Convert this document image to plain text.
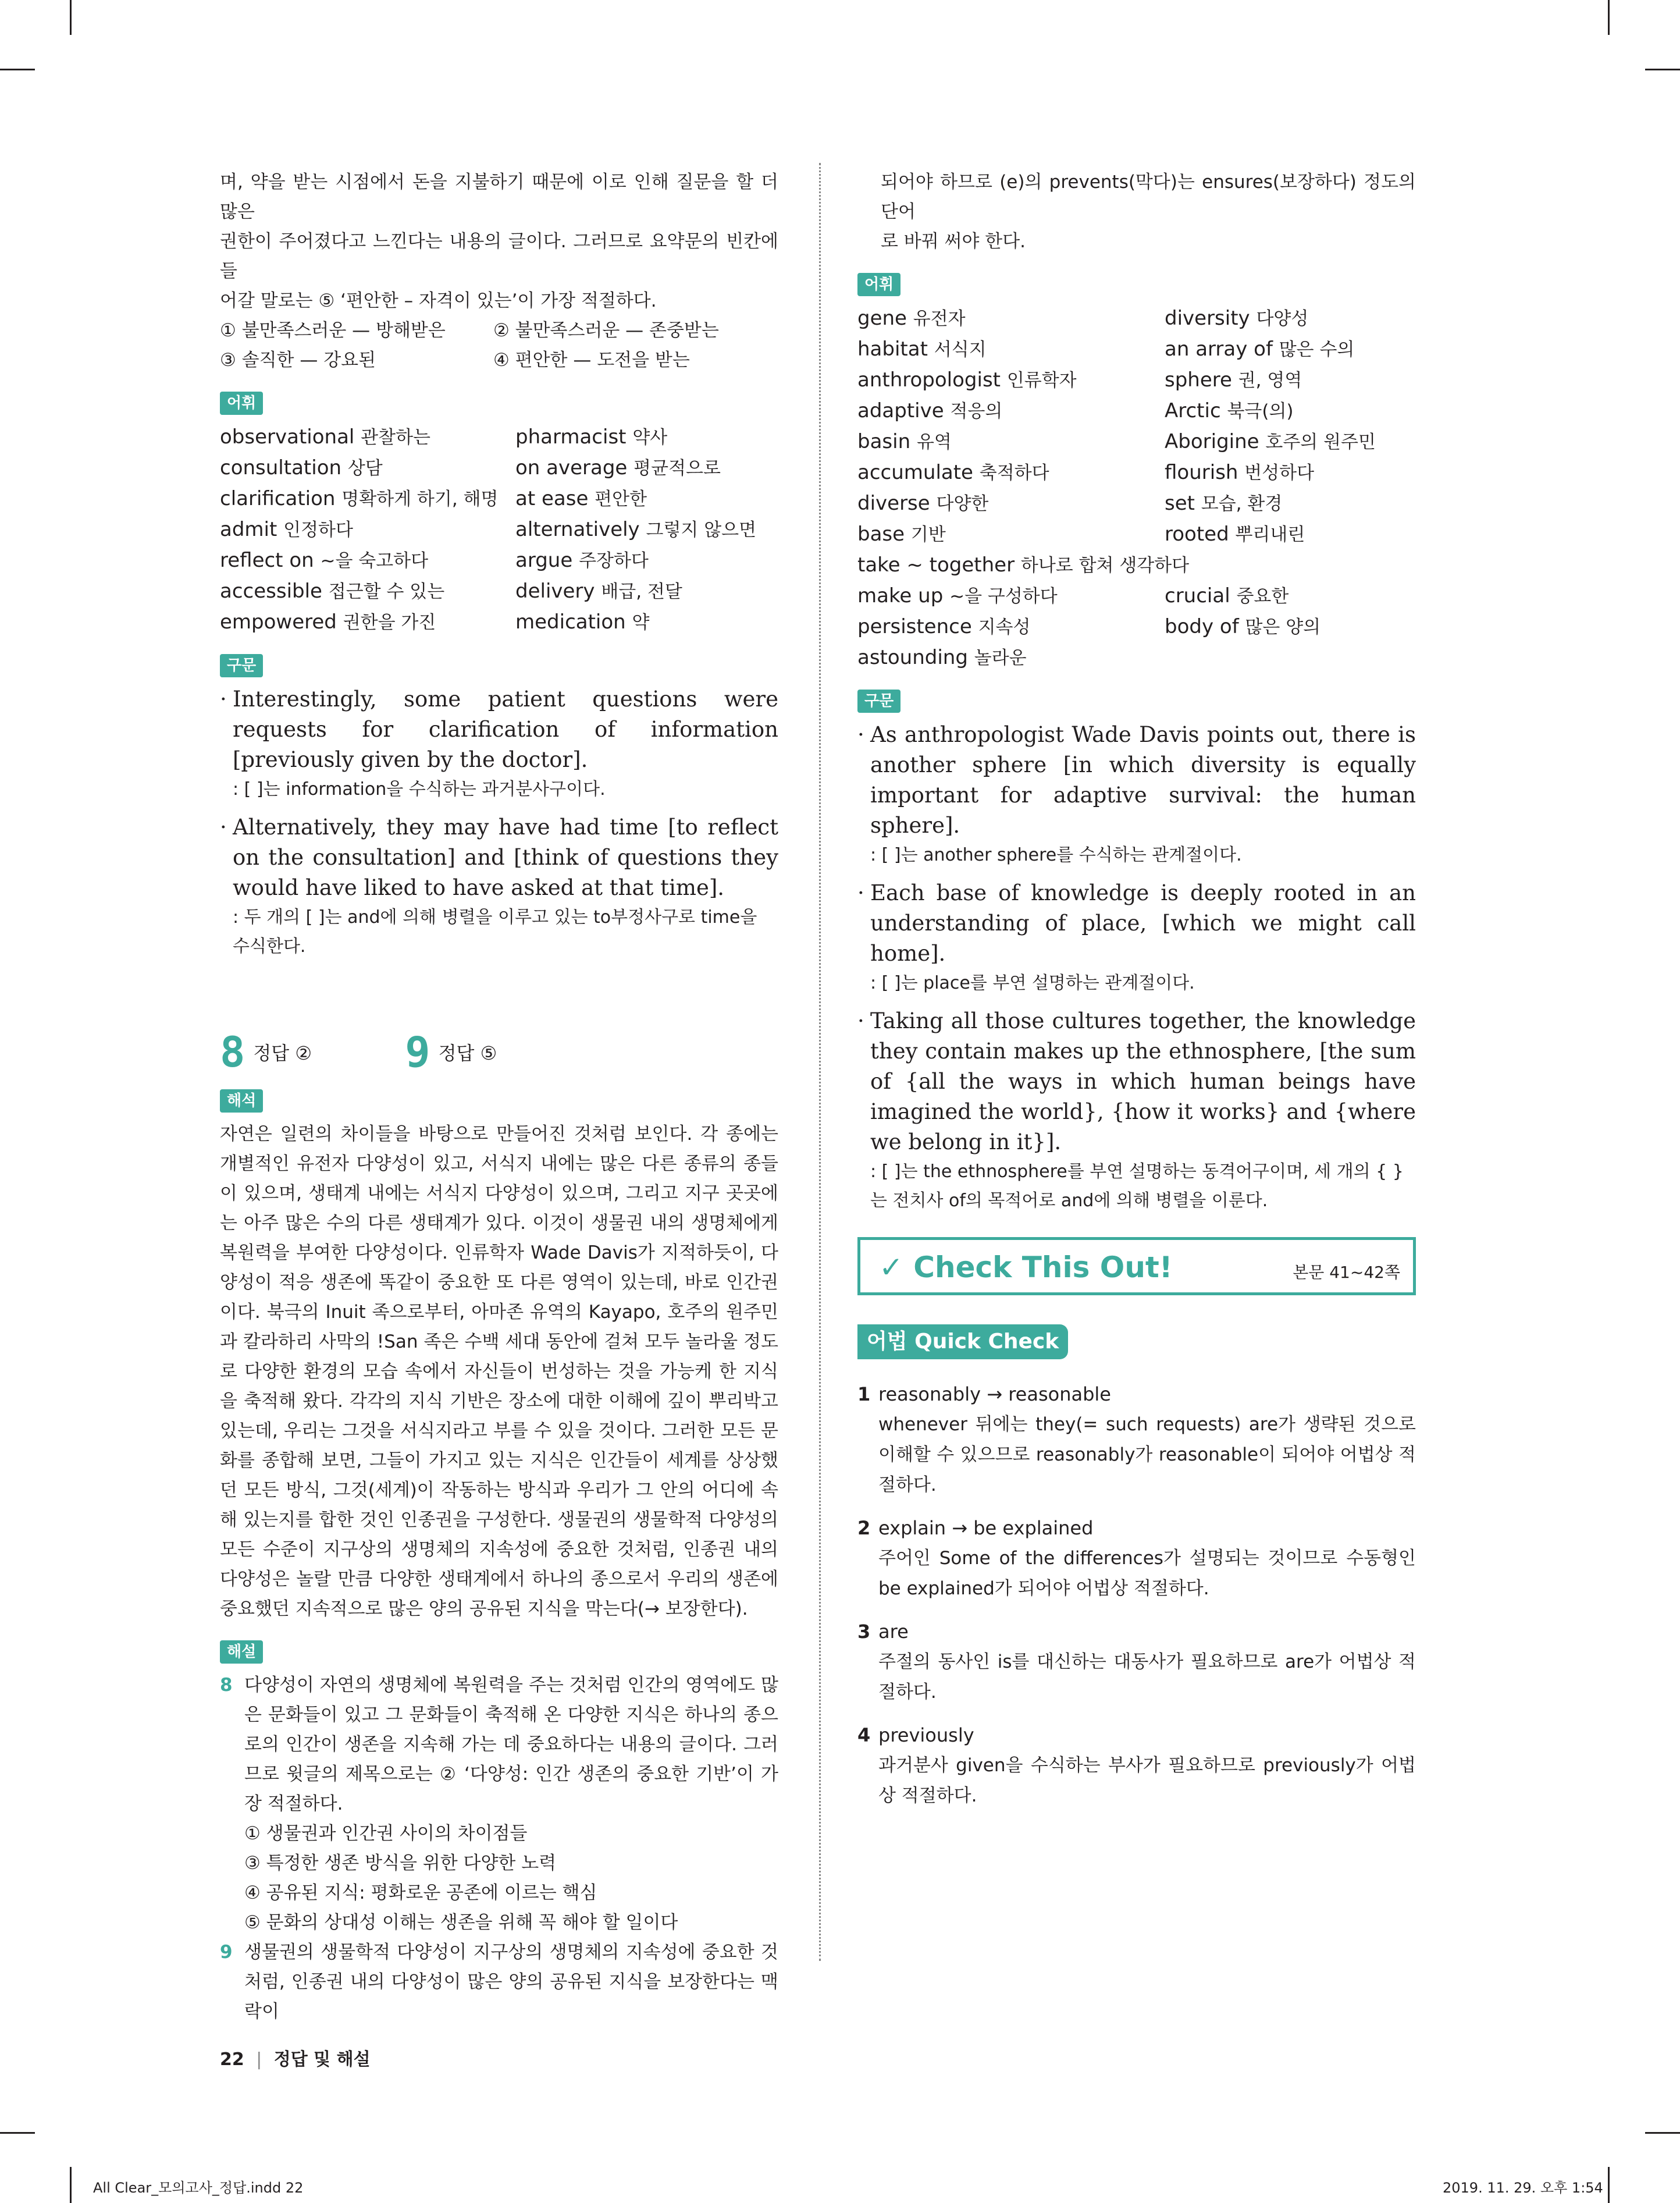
며, 약을 받는 시점에서 돈을 지불하기 때문에 이로 인해 질문을 할 더 많은

권한이 주어졌다고 느낀다는 내용의 글이다. 그러므로 요약문의 빈칸에 들

어갈 말로는 ⑤ ‘편안한 – 자격이 있는’이 가장 적절하다.

① 불만족스러운 — 방해받은	② 불만족스러운 — 존중받는
③ 솔직한 — 강요된	④ 편안한 — 도전을 받는
어휘
observational 관찰하는	pharmacist 약사
consultation 상담	on average 평균적으로
clarification 명확하게 하기, 해명 at ease 편안한
admit 인정하다	alternatively 그렇지 않으면
reflect on ~을 숙고하다	argue 주장하다
accessible 접근할 수 있는	delivery 배급, 전달
empowered 권한을 가진	medication 약
구문

· Interestingly, some patient questions were requests for clarification of information [previously given by the doctor].

: [ ]는 information을 수식하는 과거분사구이다.

· Alternatively, they may have had time [to reflect on the consultation] and [think of questions they would have liked to have asked at that time].

: 두 개의 [ ]는 and에 의해 병렬을 이루고 있는 to부정사구로 time을 수식한다.

8 정답 ② 9 정답 ⑤
해석

자연은 일련의 차이들을 바탕으로 만들어진 것처럼 보인다. 각 종에는 개별적인 유전자 다양성이 있고, 서식지 내에는 많은 다른 종류의 종들이 있으며, 생태계 내에는 서식지 다양성이 있으며, 그리고 지구 곳곳에는 아주 많은 수의 다른 생태계가 있다. 이것이 생물권 내의 생명체에게 복원력을 부여한 다양성이다. 인류학자 Wade Davis가 지적하듯이, 다양성이 적응 생존에 똑같이 중요한 또 다른 영역이 있는데, 바로 인간권이다. 북극의 Inuit 족으로부터, 아마존 유역의 Kayapo, 호주의 원주민과 칼라하리 사막의 !San 족은 수백 세대 동안에 걸쳐 모두 놀라울 정도로 다양한 환경의 모습 속에서 자신들이 번성하는 것을 가능케 한 지식을 축적해 왔다. 각각의 지식 기반은 장소에 대한 이해에 깊이 뿌리박고 있는데, 우리는 그것을 서식지라고 부를 수 있을 것이다. 그러한 모든 문화를 종합해 보면, 그들이 가지고 있는 지식은 인간들이 세계를 상상했던 모든 방식, 그것(세계)이 작동하는 방식과 우리가 그 안의 어디에 속해 있는지를 합한 것인 인종권을 구성한다. 생물권의 생물학적 다양성의 모든 수준이 지구상의 생명체의 지속성에 중요한 것처럼, 인종권 내의 다양성은 놀랄 만큼 다양한 생태계에서 하나의 종으로서 우리의 생존에 중요했던 지속적으로 많은 양의 공유된 지식을 막는다(→ 보장한다).

해설
8 다양성이 자연의 생명체에 복원력을 주는 것처럼 인간의 영역에도 많은 문화들이 있고 그 문화들이 축적해 온 다양한 지식은 하나의 종으로의 인간이 생존을 지속해 가는 데 중요하다는 내용의 글이다. 그러므로 윗글의 제목으로는 ② ‘다양성: 인간 생존의 중요한 기반’이 가장 적절하다.

① 생물권과 인간권 사이의 차이점들
③ 특정한 생존 방식을 위한 다양한 노력
④ 공유된 지식: 평화로운 공존에 이르는 핵심
⑤ 문화의 상대성 이해는 생존을 위해 꼭 해야 할 일이다
9 생물권의 생물학적 다양성이 지구상의 생명체의 지속성에 중요한 것처럼, 인종권 내의 다양성이 많은 양의 공유된 지식을 보장한다는 맥락이

되어야 하므로 (e)의 prevents(막다)는 ensures(보장하다) 정도의 단어

로 바꿔 써야 한다.

어휘
gene 유전자	diversity 다양성
habitat 서식지	an array of 많은 수의
anthropologist 인류학자	sphere 권, 영역
adaptive 적응의	Arctic 북극(의)
basin 유역	Aborigine 호주의 원주민
accumulate 축적하다	flourish 번성하다
diverse 다양한	set 모습, 환경
base 기반	rooted 뿌리내린
take ~ together 하나로 합쳐 생각하다
make up ~을 구성하다	crucial 중요한
persistence 지속성	body of 많은 양의
astounding 놀라운
구문

· As anthropologist Wade Davis points out, there is another sphere [in which diversity is equally important for adaptive survival: the human sphere].

: [ ]는 another sphere를 수식하는 관계절이다.

· Each base of knowledge is deeply rooted in an understanding of place, [which we might call home].

: [ ]는 place를 부연 설명하는 관계절이다.

· Taking all those cultures together, the knowledge they contain makes up the ethnosphere, [the sum of {all the ways in which human beings have imagined the world}, {how it works} and {where we belong in it}].

: [ ]는 the ethnosphere를 부연 설명하는 동격어구이며, 세 개의 { }는 전치사 of의 목적어로 and에 의해 병렬을 이룬다.

✓ Check This Out!	본문 41~42쪽
어법 Quick Check
1 reasonably → reasonable
whenever 뒤에는 they(= such requests) are가 생략된 것으로 이해할 수 있으므로 reasonably가 reasonable이 되어야 어법상 적절하다.
2 explain → be explained
주어인 Some of the differences가 설명되는 것이므로 수동형인 be explained가 되어야 어법상 적절하다.
3 are
주절의 동사인 is를 대신하는 대동사가 필요하므로 are가 어법상 적절하다.
4 previously
과거분사 given을 수식하는 부사가 필요하므로 previously가 어법상 적절하다.
22 | 정답 및 해설
All Clear_모의고사_정답.indd 22	2019. 11. 29. 오후 1:54
